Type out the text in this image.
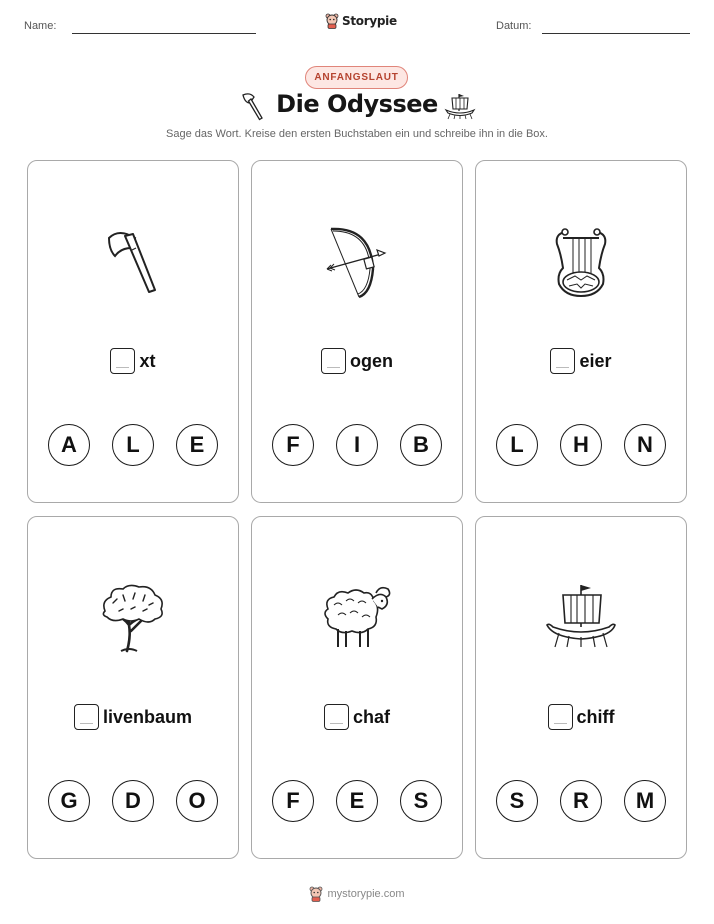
Name:	Storypie	Datum:
ANFANGSLAUT
Die Odyssee
Sage das Wort. Kreise den ersten Buchstaben ein und schreibe ihn in die Box.
xt
A	L	E
ogen
F	I	B
eier
L	H	N
livenbaum
G	D	O
chaf
F	E	S
chiff
S	R	M
mystorypie.com
